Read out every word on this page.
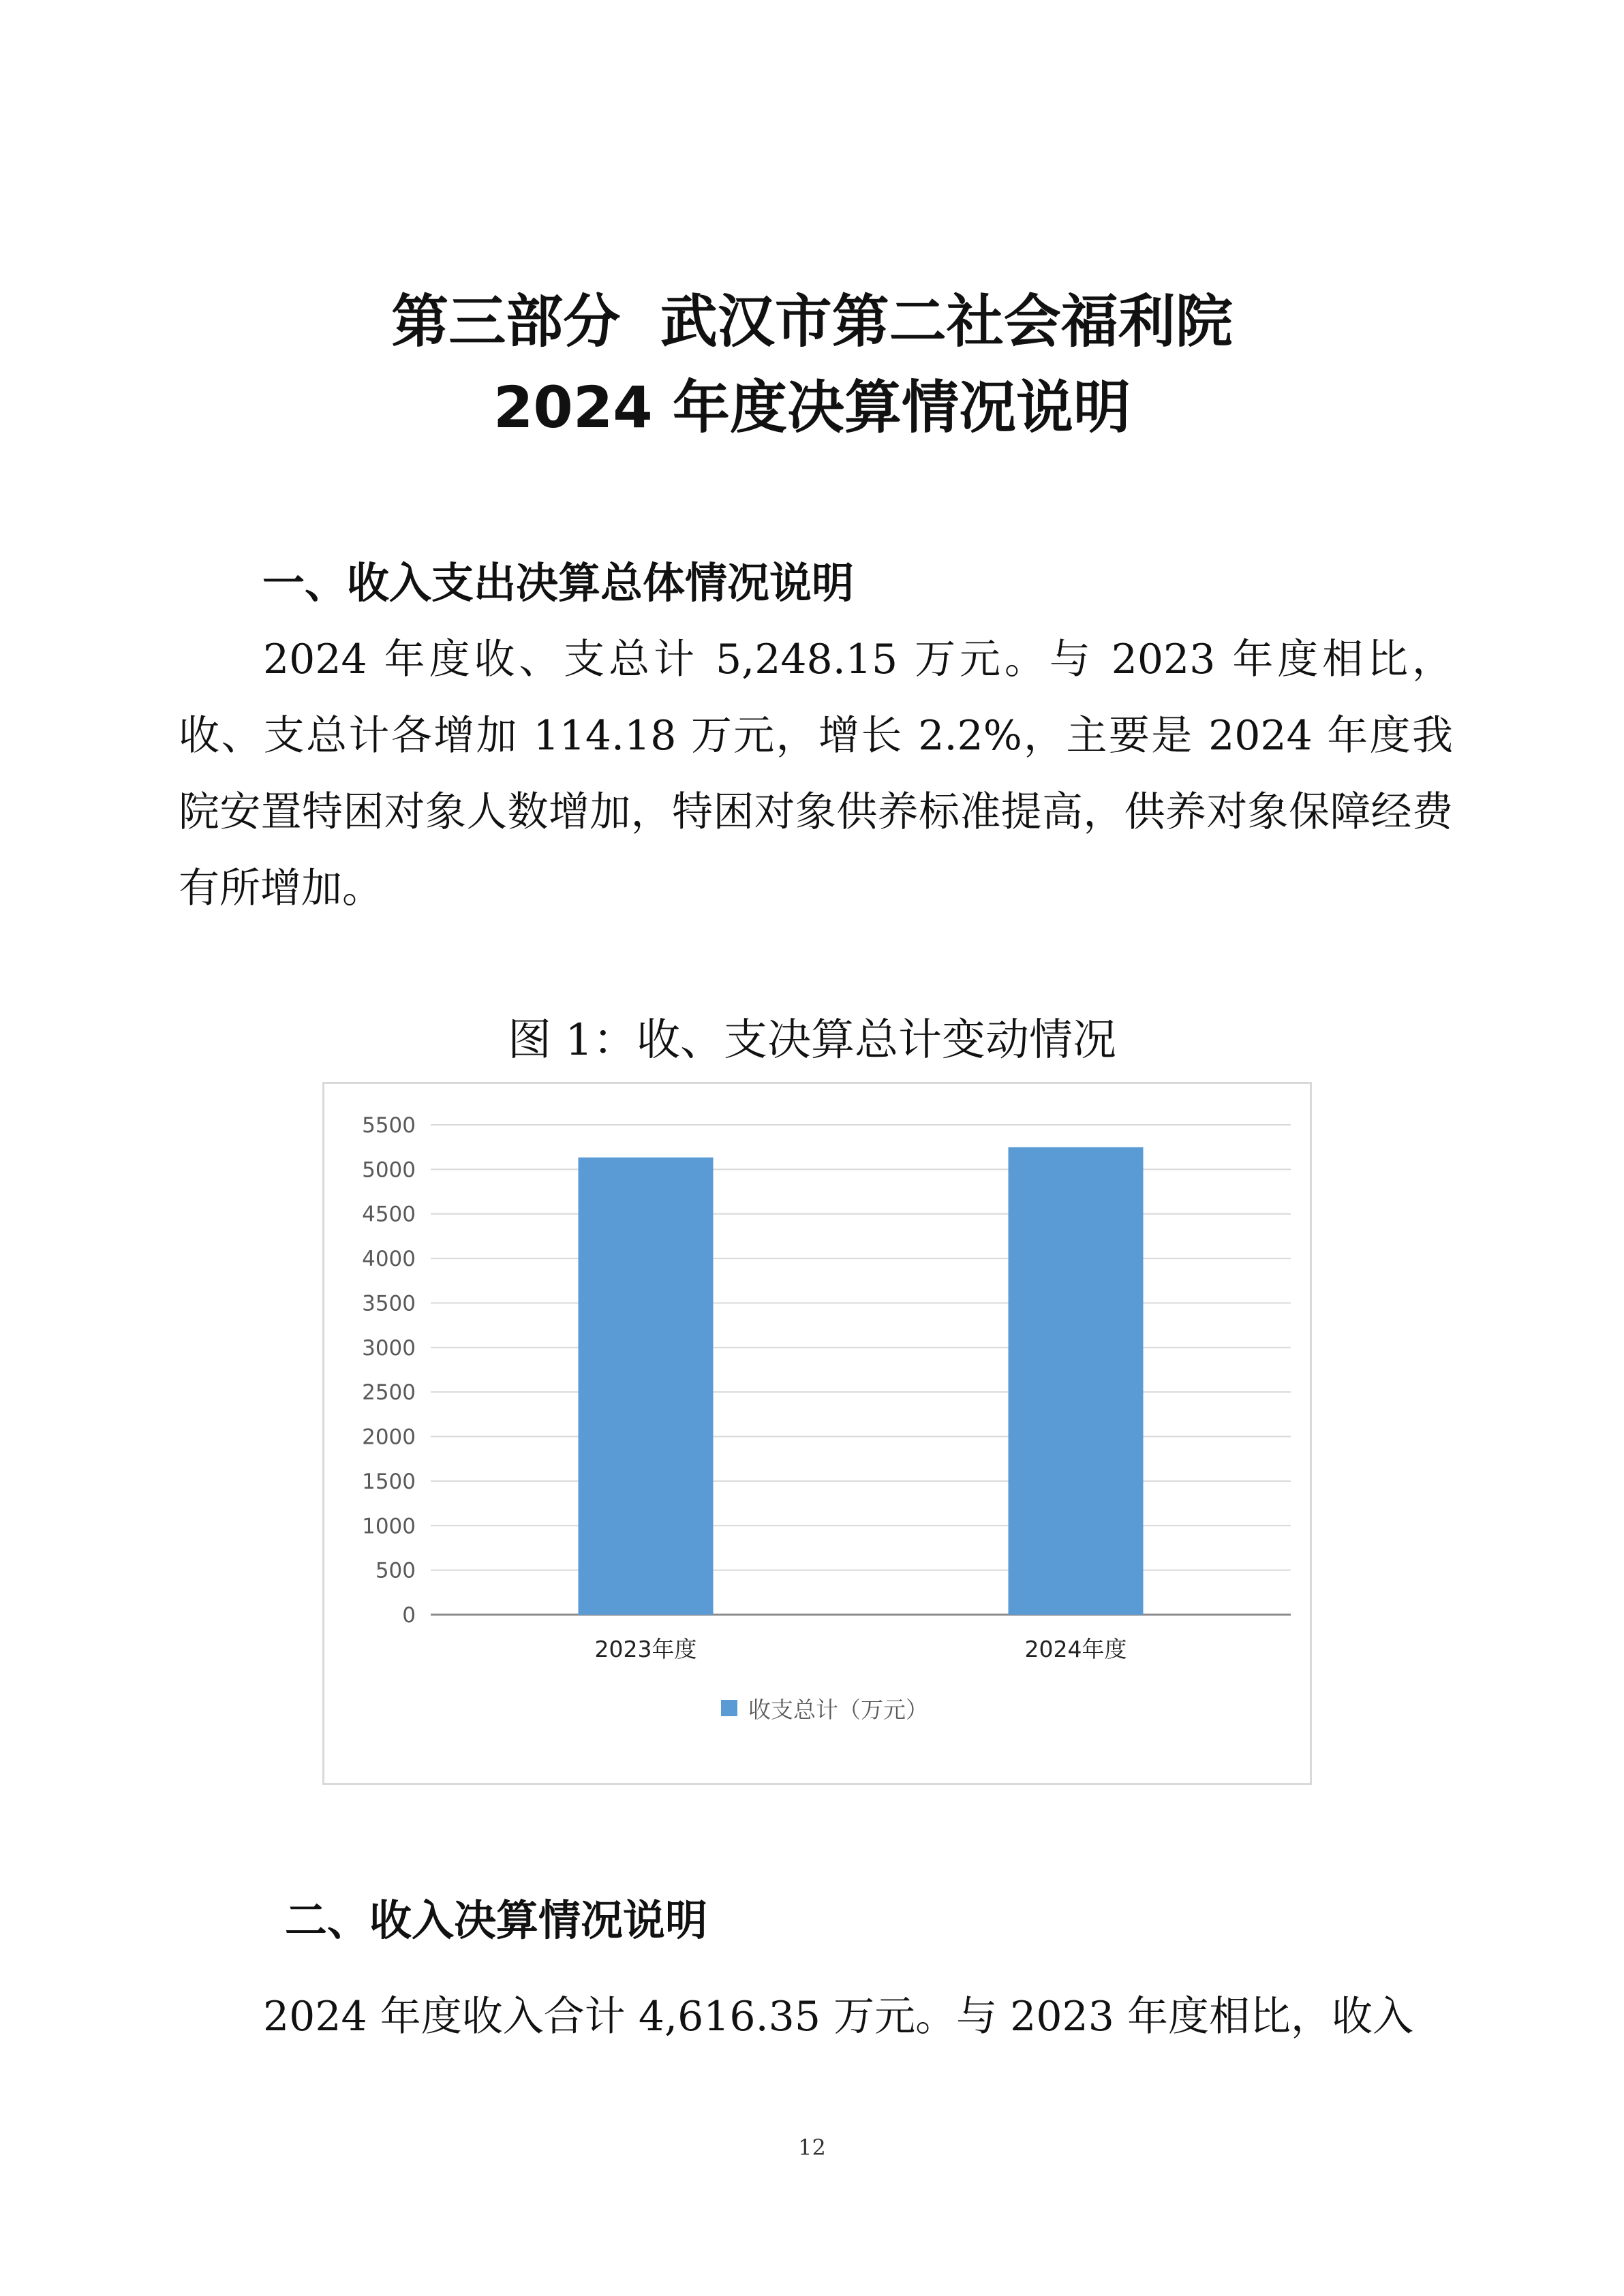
第三部分  武汉市第二社会福利院
2024 年度决算情况说明
一、收入支出决算总体情况说明

2024 年度收、支总计 5,248.15 万元。与 2023 年度相比，收、支总计各增加 114.18 万元，增长 2.2%，主要是 2024 年度我院安置特困对象人数增加，特困对象供养标准提高，供养对象保障经费有所增加。

图 1：收、支决算总计变动情况
0
500
1000
1500
2000
2500
3000
3500
4000
4500
5000
5500
2023年度	2024年度
收支总计（万元）
二、收入决算情况说明

2024 年度收入合计 4,616.35 万元。与 2023 年度相比，收入

12
